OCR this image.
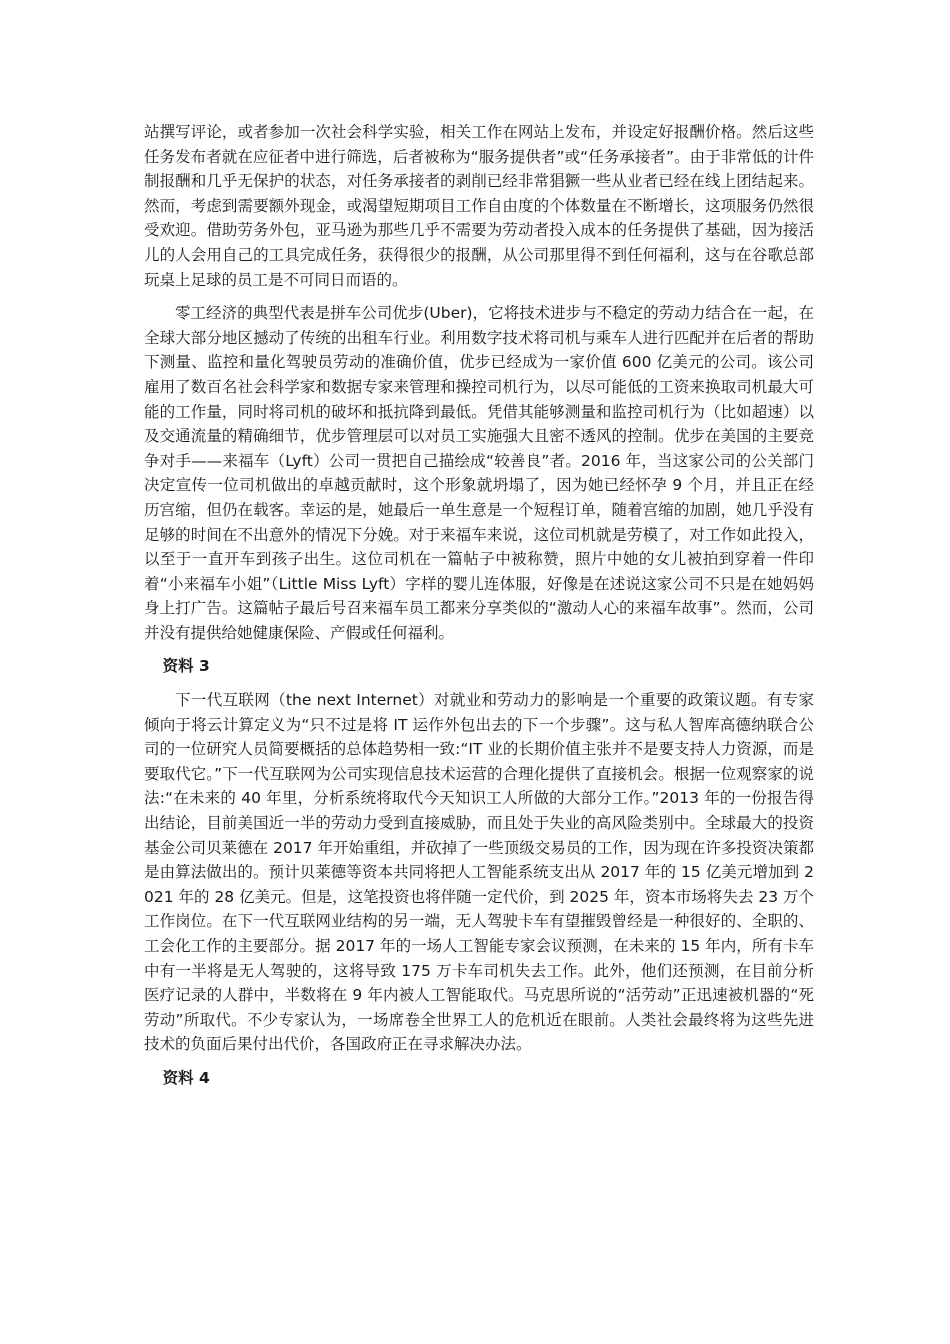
站撰写评论，或者参加一次社会科学实验，相关工作在网站上发布，并设定好报酬价格。然后这些任务发布者就在应征者中进行筛选，后者被称为“服务提供者”或“任务承接者”。由于非常低的计件制报酬和几乎无保护的状态，对任务承接者的剥削已经非常猖獗一些从业者已经在线上团结起来。然而，考虑到需要额外现金，或渴望短期项目工作自由度的个体数量在不断增长，这项服务仍然很受欢迎。借助劳务外包，亚马逊为那些几乎不需要为劳动者投入成本的任务提供了基础，因为接活儿的人会用自己的工具完成任务，获得很少的报酬，从公司那里得不到任何福利，这与在谷歌总部玩桌上足球的员工是不可同日而语的。

零工经济的典型代表是拼车公司优步(Uber)，它将技术进步与不稳定的劳动力结合在一起，在全球大部分地区撼动了传统的出租车行业。利用数字技术将司机与乘车人进行匹配并在后者的帮助下测量、监控和量化驾驶员劳动的准确价值，优步已经成为一家价值 600 亿美元的公司。该公司雇用了数百名社会科学家和数据专家来管理和操控司机行为，以尽可能低的工资来换取司机最大可能的工作量，同时将司机的破坏和抵抗降到最低。凭借其能够测量和监控司机行为（比如超速）以及交通流量的精确细节，优步管理层可以对员工实施强大且密不透风的控制。优步在美国的主要竞争对手——来福车（Lyft）公司一贯把自己描绘成“较善良”者。2016 年，当这家公司的公关部门决定宣传一位司机做出的卓越贡献时，这个形象就坍塌了，因为她已经怀孕 9 个月，并且正在经历宫缩，但仍在载客。幸运的是，她最后一单生意是一个短程订单，随着宫缩的加剧，她几乎没有足够的时间在不出意外的情况下分娩。对于来福车来说，这位司机就是劳模了，对工作如此投入，以至于一直开车到孩子出生。这位司机在一篇帖子中被称赞，照片中她的女儿被拍到穿着一件印着“小来福车小姐”（Little Miss Lyft）字样的婴儿连体服，好像是在述说这家公司不只是在她妈妈身上打广告。这篇帖子最后号召来福车员工都来分享类似的“激动人心的来福车故事”。然而，公司并没有提供给她健康保险、产假或任何福利。

资料 3

下一代互联网（the next Internet）对就业和劳动力的影响是一个重要的政策议题。有专家倾向于将云计算定义为“只不过是将 IT 运作外包出去的下一个步骤”。这与私人智库高德纳联合公司的一位研究人员简要概括的总体趋势相一致:“IT 业的长期价值主张并不是要支持人力资源，而是要取代它。”下一代互联网为公司实现信息技术运营的合理化提供了直接机会。根据一位观察家的说法:“在未来的 40 年里，分析系统将取代今天知识工人所做的大部分工作。”2013 年的一份报告得出结论，目前美国近一半的劳动力受到直接威胁，而且处于失业的高风险类别中。全球最大的投资基金公司贝莱德在 2017 年开始重组，并砍掉了一些顶级交易员的工作，因为现在许多投资决策都是由算法做出的。预计贝莱德等资本共同将把人工智能系统支出从 2017 年的 15 亿美元增加到 2021 年的 28 亿美元。但是，这笔投资也将伴随一定代价，到 2025 年，资本市场将失去 23 万个工作岗位。在下一代互联网业结构的另一端，无人驾驶卡车有望摧毁曾经是一种很好的、全职的、工会化工作的主要部分。据 2017 年的一场人工智能专家会议预测，在未来的 15 年内，所有卡车中有一半将是无人驾驶的，这将导致 175 万卡车司机失去工作。此外，他们还预测，在目前分析医疗记录的人群中，半数将在 9 年内被人工智能取代。马克思所说的“活劳动”正迅速被机器的“死劳动”所取代。不少专家认为，一场席卷全世界工人的危机近在眼前。人类社会最终将为这些先进技术的负面后果付出代价，各国政府正在寻求解决办法。

资料 4
